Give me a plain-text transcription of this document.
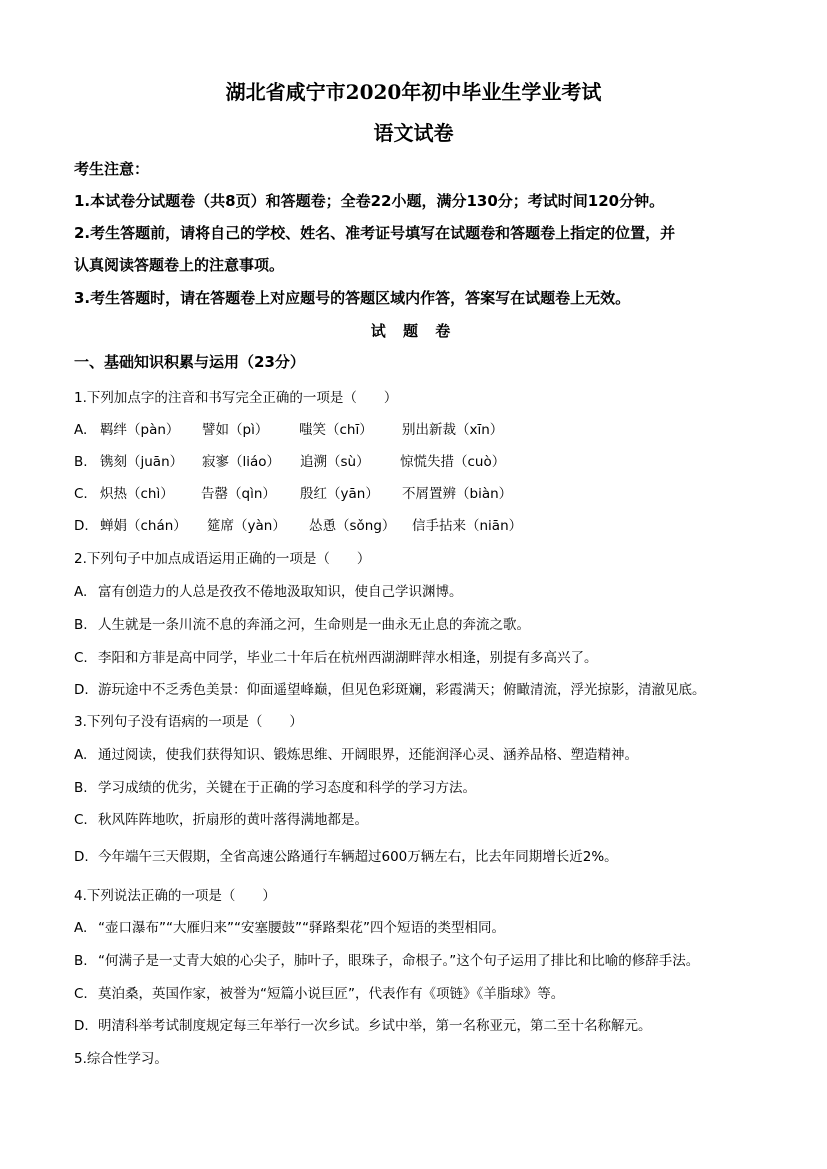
湖北省咸宁市2020年初中毕业生学业考试
语文试卷
考生注意：
1.本试卷分试题卷（共8页）和答题卷；全卷22小题，满分130分；考试时间120分钟。
2.考生答题前，请将自己的学校、姓名、准考证号填写在试题卷和答题卷上指定的位置，并
认真阅读答题卷上的注意事项。
3.考生答题时，请在答题卷上对应题号的答题区域内作答，答案写在试题卷上无效。
试 题 卷
一、基础知识积累与运用（23分）
1.下列加点字的注音和书写完全正确的一项是（　　）
A. 羁绊（pàn） 譬如（pì） 嗤笑（chī） 别出新裁（xīn）
B. 镌刻（juān） 寂寥（liáo） 追溯（sù） 惊慌失措（cuò）
C. 炽热（chì） 告罄（qìn） 殷红（yān） 不屑置辨（biàn）
D. 蝉娟（chán） 筵席（yàn） 怂恿（sǒng） 信手拈来（niān）
2.下列句子中加点成语运用正确的一项是（　　）
A. 富有创造力的人总是孜孜不倦地汲取知识，使自己学识渊博。
B. 人生就是一条川流不息的奔涌之河，生命则是一曲永无止息的奔流之歌。
C. 李阳和方菲是高中同学，毕业二十年后在杭州西湖湖畔萍水相逢，别提有多高兴了。
D. 游玩途中不乏秀色美景：仰面遥望峰巅，但见色彩斑斓，彩霞满天；俯瞰清流，浮光掠影，清澈见底。
3.下列句子没有语病的一项是（　　）
A. 通过阅读，使我们获得知识、锻炼思维、开阔眼界，还能润泽心灵、涵养品格、塑造精神。
B. 学习成绩的优劣，关键在于正确的学习态度和科学的学习方法。
C. 秋风阵阵地吹，折扇形的黄叶落得满地都是。
D. 今年端午三天假期，全省高速公路通行车辆超过600万辆左右，比去年同期增长近2%。
4.下列说法正确的一项是（　　）
A. “壶口瀑布”“大雁归来”“安塞腰鼓”“驿路梨花”四个短语的类型相同。
B. “何满子是一丈青大娘的心尖子，肺叶子，眼珠子，命根子。”这个句子运用了排比和比喻的修辞手法。
C. 莫泊桑，英国作家，被誉为“短篇小说巨匠”，代表作有《项链》《羊脂球》等。
D. 明清科举考试制度规定每三年举行一次乡试。乡试中举，第一名称亚元，第二至十名称解元。
5.综合性学习。
